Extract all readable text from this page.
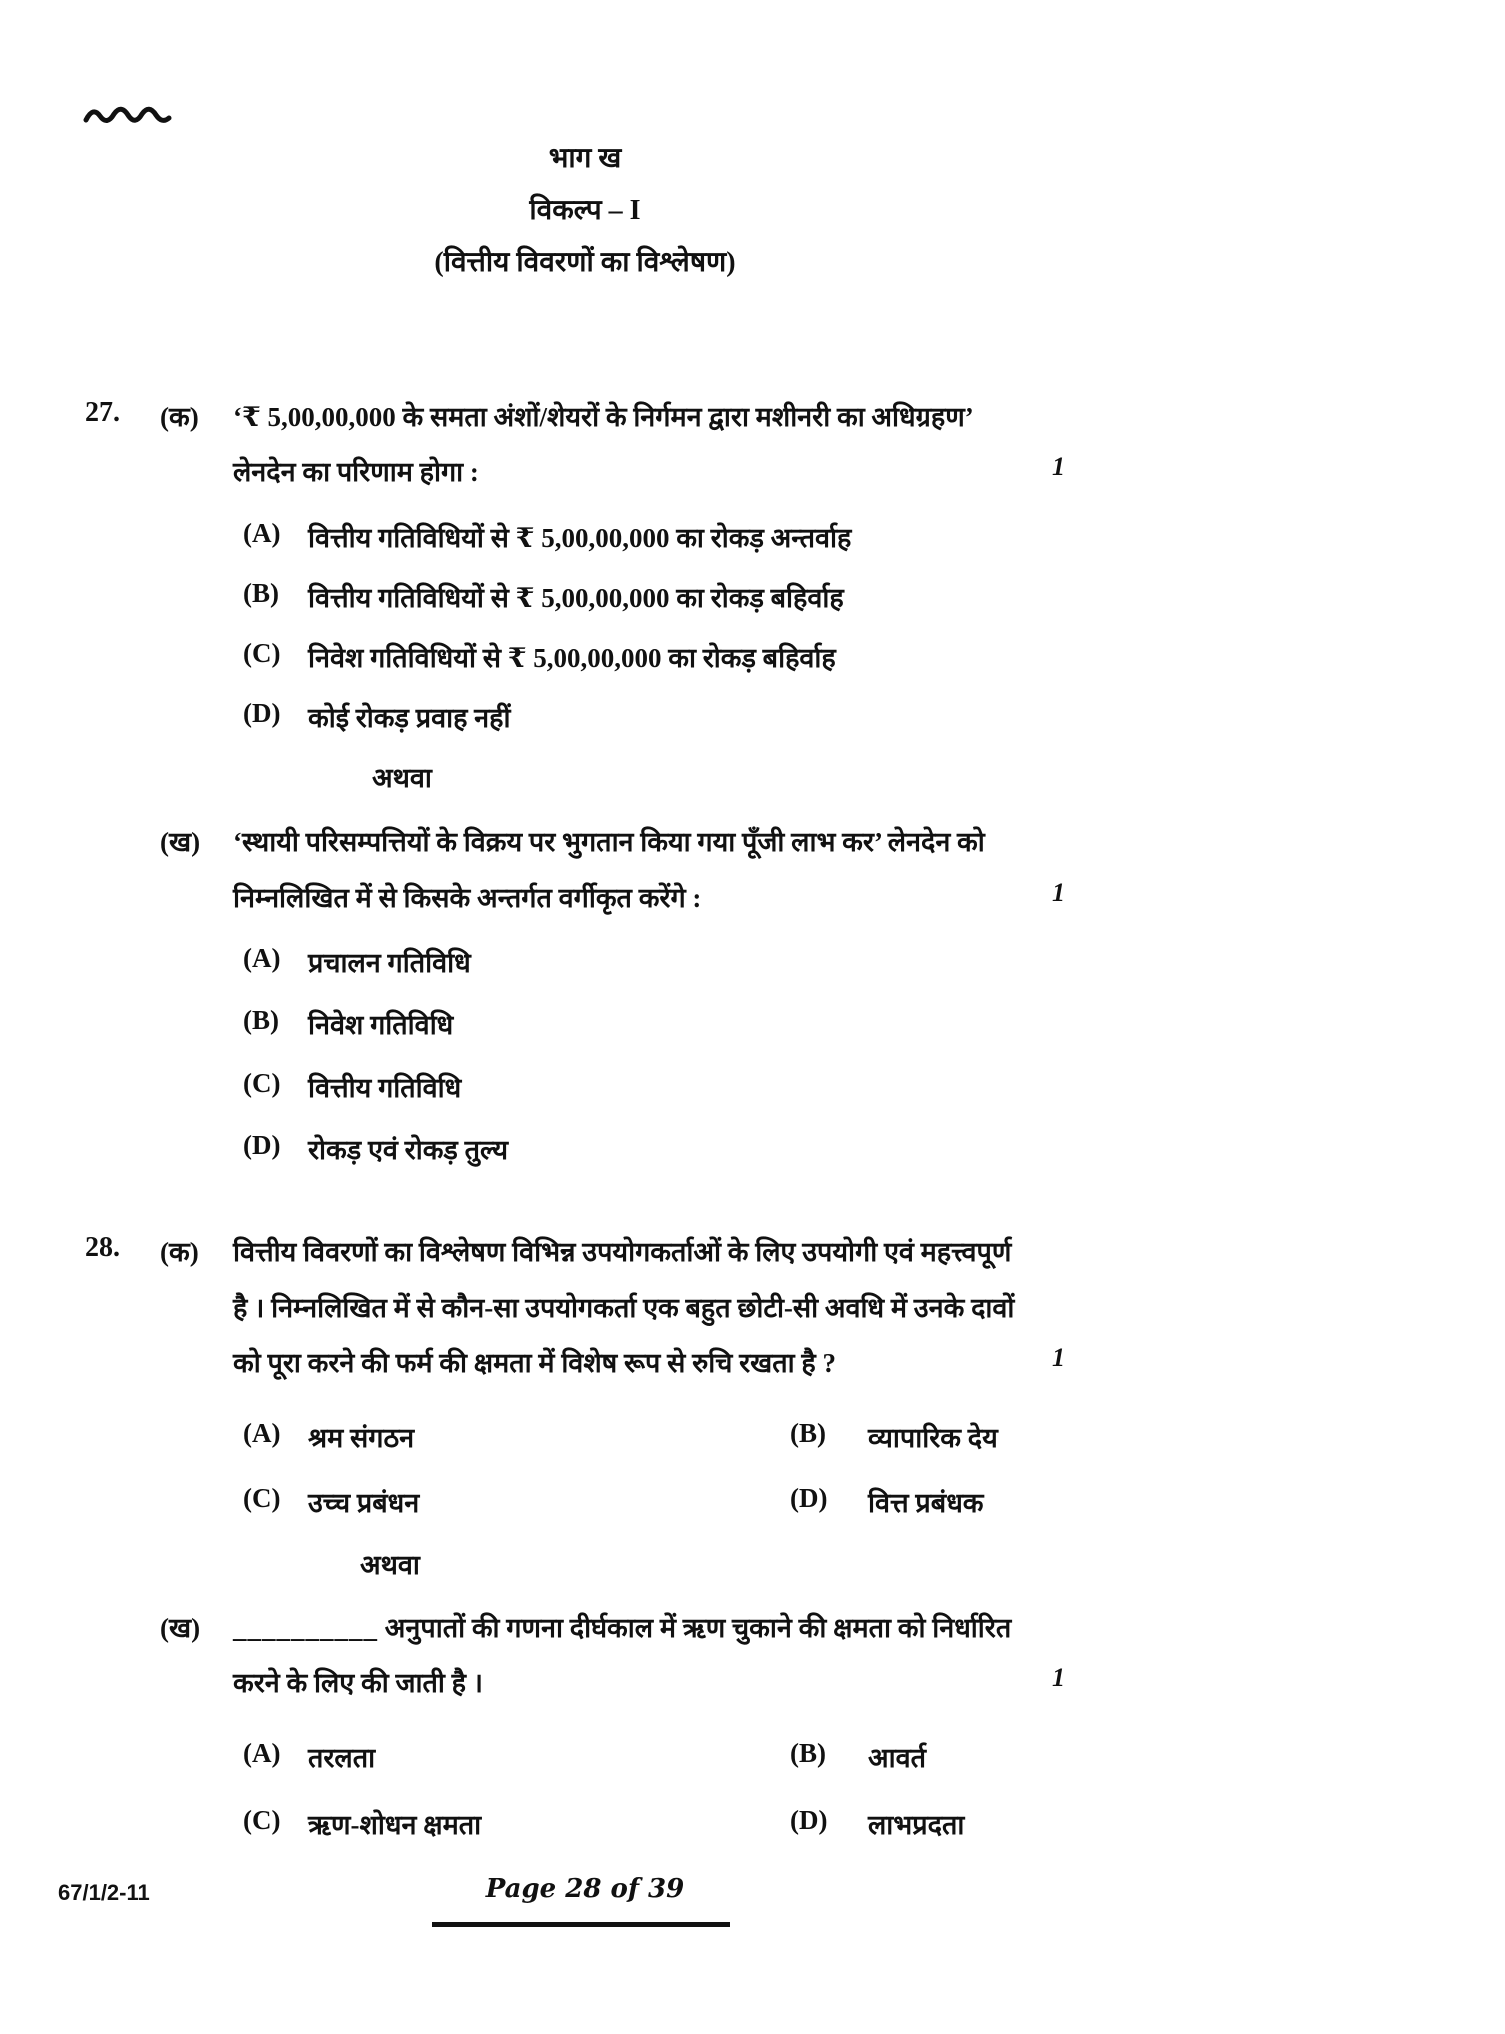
भाग ख
विकल्प – I
(वित्तीय विवरणों का विश्लेषण)
27. (क) ‘₹ 5,00,00,000 के समता अंशों/शेयरों के निर्गमन द्वारा मशीनरी का अधिग्रहण’
लेनदेन का परिणाम होगा :	1
(A) वित्तीय गतिविधियों से ₹ 5,00,00,000 का रोकड़ अन्तर्वाह
(B) वित्तीय गतिविधियों से ₹ 5,00,00,000 का रोकड़ बहिर्वाह
(C) निवेश गतिविधियों से ₹ 5,00,00,000 का रोकड़ बहिर्वाह
(D) कोई रोकड़ प्रवाह नहीं
अथवा
(ख) ‘स्थायी परिसम्पत्तियों के विक्रय पर भुगतान किया गया पूँजी लाभ कर’ लेनदेन को
निम्नलिखित में से किसके अन्तर्गत वर्गीकृत करेंगे :	1
(A) प्रचालन गतिविधि
(B) निवेश गतिविधि
(C) वित्तीय गतिविधि
(D) रोकड़ एवं रोकड़ तुल्य
28. (क) वित्तीय विवरणों का विश्लेषण विभिन्न उपयोगकर्ताओं के लिए उपयोगी एवं महत्त्वपूर्ण
है । निम्नलिखित में से कौन-सा उपयोगकर्ता एक बहुत छोटी-सी अवधि में उनके दावों
को पूरा करने की फर्म की क्षमता में विशेष रूप से रुचि रखता है ?	1
(A) श्रम संगठन	(B) व्यापारिक देय
(C) उच्च प्रबंधन	(D) वित्त प्रबंधक
अथवा
(ख) __________ अनुपातों की गणना दीर्घकाल में ऋण चुकाने की क्षमता को निर्धारित
करने के लिए की जाती है ।	1
(A) तरलता	(B) आवर्त
(C) ऋण-शोधन क्षमता	(D) लाभप्रदता
67/1/2-11	Page 28 of 39
